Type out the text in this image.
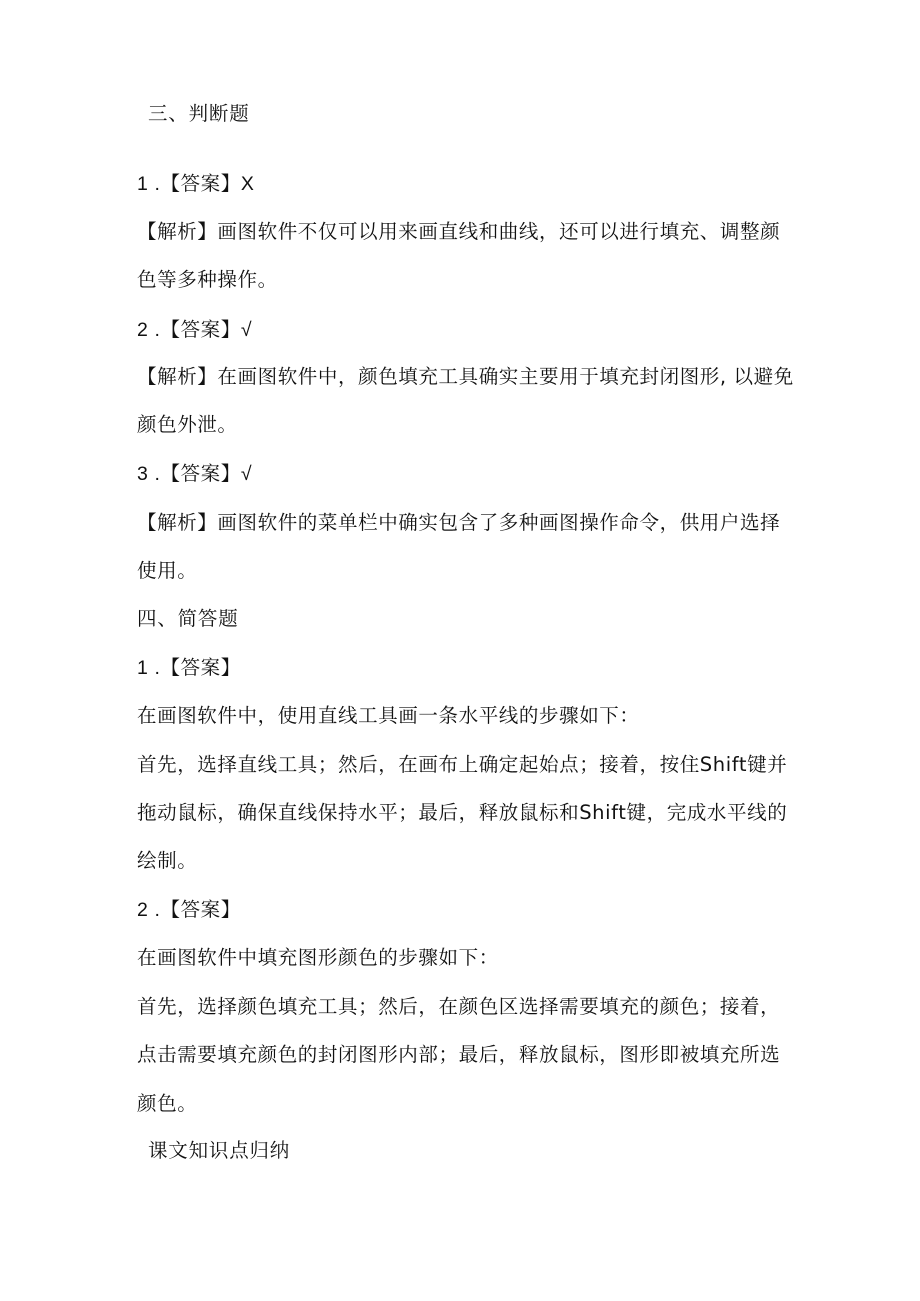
三、判断题
1 .【答案】X
【解析】画图软件不仅可以用来画直线和曲线，还可以进行填充、调整颜
色等多种操作。
2 .【答案】√
【解析】在画图软件中，颜色填充工具确实主要用于填充封闭图形, 以避免
颜色外泄。
3 .【答案】√
【解析】画图软件的菜单栏中确实包含了多种画图操作命令，供用户选择
使用。
四、简答题
1 .【答案】
在画图软件中，使用直线工具画一条水平线的步骤如下：
首先，选择直线工具；然后，在画布上确定起始点；接着，按住Shift键并
拖动鼠标，确保直线保持水平；最后，释放鼠标和Shift键，完成水平线的
绘制。
2 .【答案】
在画图软件中填充图形颜色的步骤如下：
首先，选择颜色填充工具；然后，在颜色区选择需要填充的颜色；接着，
点击需要填充颜色的封闭图形内部；最后，释放鼠标，图形即被填充所选
颜色。
课文知识点归纳
